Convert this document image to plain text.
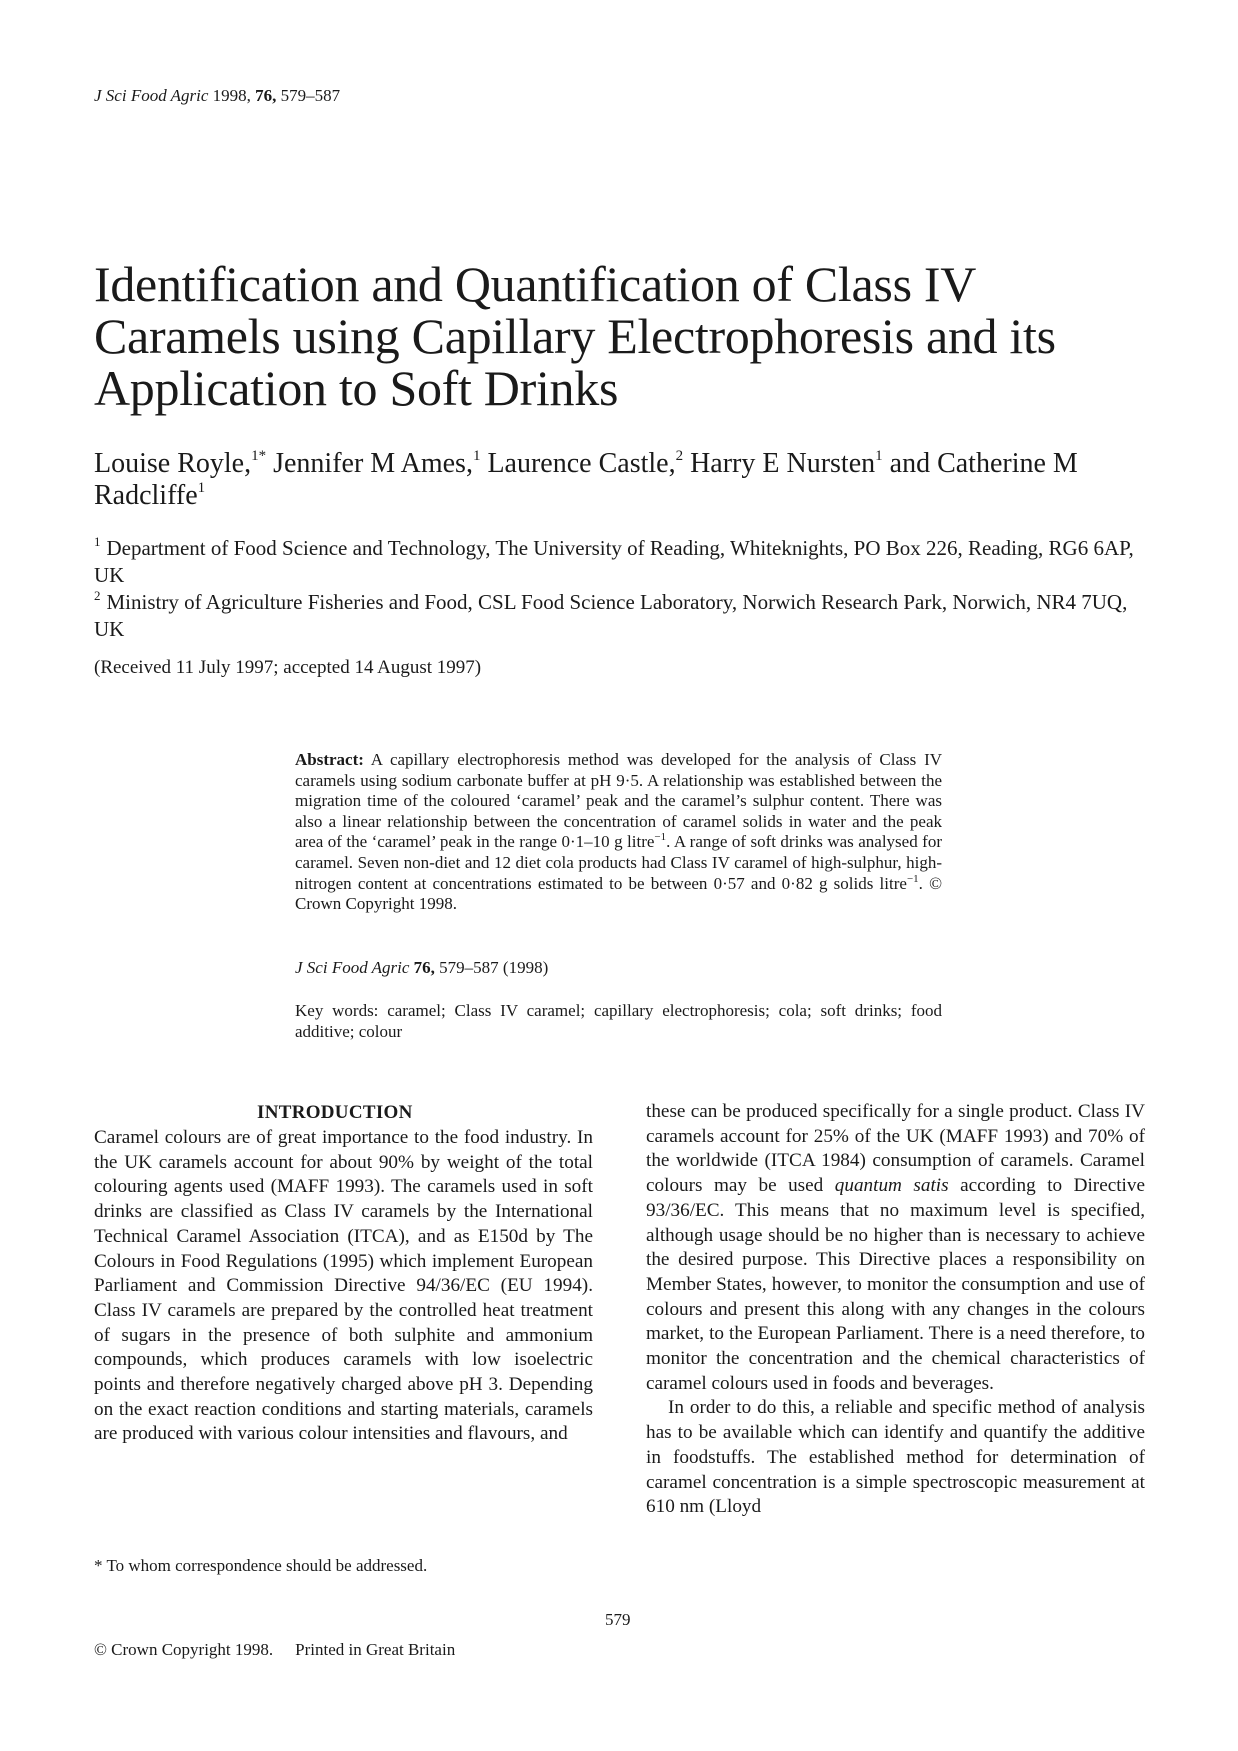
J Sci Food Agric 1998, 76, 579–587
Identification and Quantification of Class IV Caramels using Capillary Electrophoresis and its Application to Soft Drinks
Louise Royle,$^{1*}$ Jennifer M Ames,$^1$ Laurence Castle,$^2$ Harry E Nursten$^1$ and Catherine M Radcliffe$^1$
$^1$ Department of Food Science and Technology, The University of Reading, Whiteknights, PO Box 226, Reading, RG6 6AP, UK
$^2$ Ministry of Agriculture Fisheries and Food, CSL Food Science Laboratory, Norwich Research Park, Norwich, NR4 7UQ, UK
(Received 11 July 1997; accepted 14 August 1997)
Abstract: A capillary electrophoresis method was developed for the analysis of Class IV caramels using sodium carbonate buffer at pH 9·5. A relationship was established between the migration time of the coloured ‘caramel’ peak and the caramel’s sulphur content. There was also a linear relationship between the concentration of caramel solids in water and the peak area of the ‘caramel’ peak in the range 0·1–10 g litre$^{-1}$. A range of soft drinks was analysed for caramel. Seven non-diet and 12 diet cola products had Class IV caramel of high-sulphur, high-nitrogen content at concentrations estimated to be between 0·57 and 0·82 g solids litre$^{-1}$. © Crown Copyright 1998.
J Sci Food Agric 76, 579–587 (1998)
Key words: caramel; Class IV caramel; capillary electrophoresis; cola; soft drinks; food additive; colour
INTRODUCTION

Caramel colours are of great importance to the food industry. In the UK caramels account for about 90% by weight of the total colouring agents used (MAFF 1993). The caramels used in soft drinks are classified as Class IV caramels by the International Technical Caramel Association (ITCA), and as E150d by The Colours in Food Regulations (1995) which implement European Parliament and Commission Directive 94/36/EC (EU 1994). Class IV caramels are prepared by the controlled heat treatment of sugars in the presence of both sulphite and ammonium compounds, which produces caramels with low isoelectric points and therefore negatively charged above pH 3. Depending on the exact reaction conditions and starting materials, caramels are produced with various colour intensities and flavours, and

these can be produced specifically for a single product. Class IV caramels account for 25% of the UK (MAFF 1993) and 70% of the worldwide (ITCA 1984) consumption of caramels. Caramel colours may be used quantum satis according to Directive 93/36/EC. This means that no maximum level is specified, although usage should be no higher than is necessary to achieve the desired purpose. This Directive places a responsibility on Member States, however, to monitor the consumption and use of colours and present this along with any changes in the colours market, to the European Parliament. There is a need therefore, to monitor the concentration and the chemical characteristics of caramel colours used in foods and beverages.

In order to do this, a reliable and specific method of analysis has to be available which can identify and quantify the additive in foodstuffs. The established method for determination of caramel concentration is a simple spectroscopic measurement at 610 nm (Lloyd

* To whom correspondence should be addressed.
579
© Crown Copyright 1998. Printed in Great Britain
